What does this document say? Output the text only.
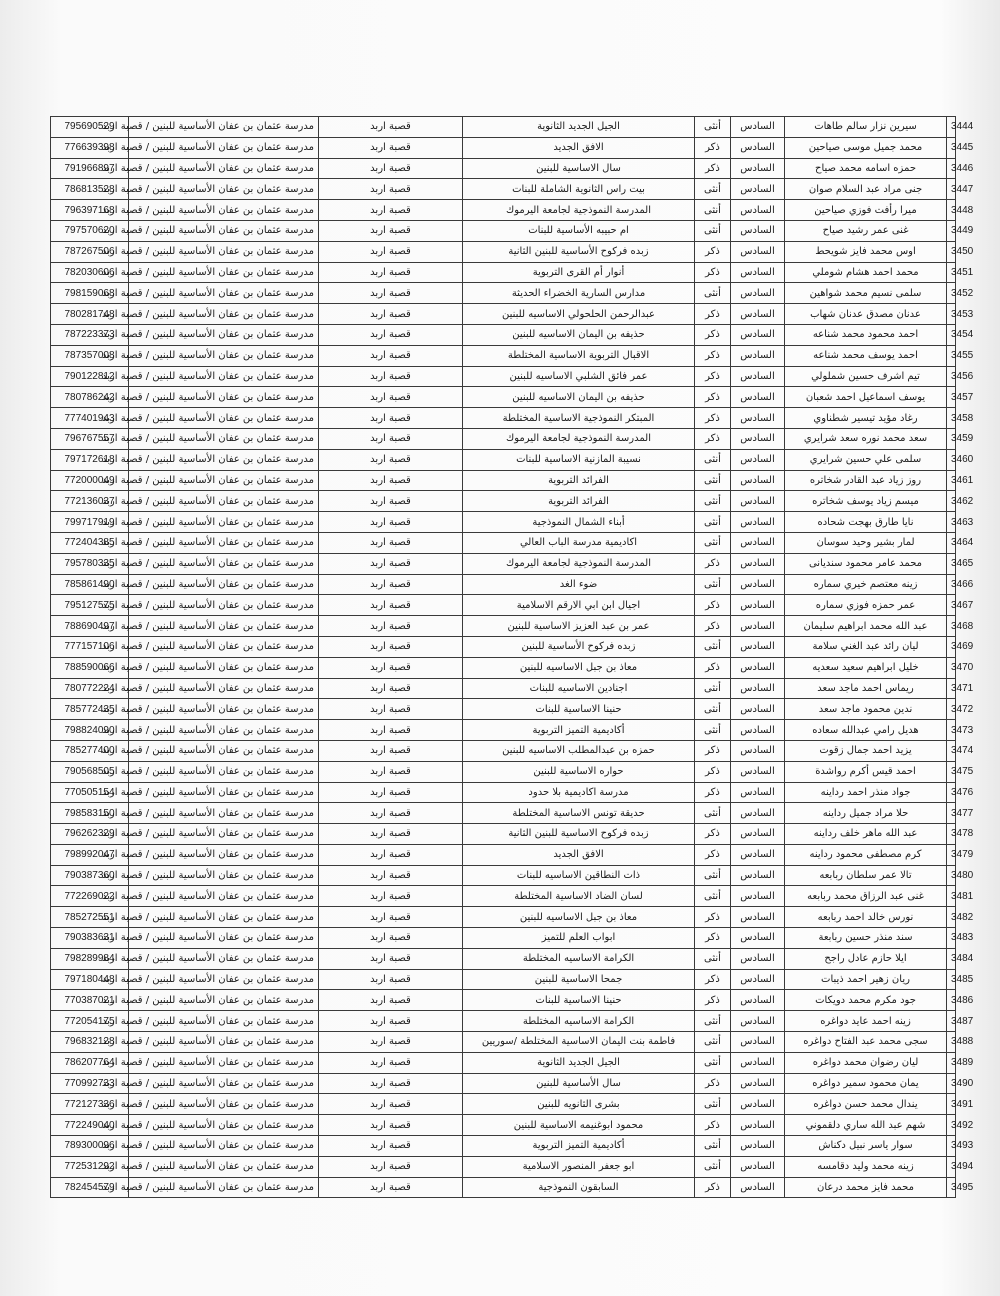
795690529	مدرسة عثمان بن عفان الأساسية للبنين / قصبة اربد	قصبة اربد	الجيل الجديد الثانوية	أنثى	السادس	سيرين نزار سالم طاهات	3444
776639398	مدرسة عثمان بن عفان الأساسية للبنين / قصبة اربد	قصبة اربد	الافق الجديد	ذكر	السادس	محمد جميل موسى صياحين	3445
791966897	مدرسة عثمان بن عفان الأساسية للبنين / قصبة اربد	قصبة اربد	سال الاساسية للبنين	ذكر	السادس	حمزه اسامه محمد صياح	3446
786813528	مدرسة عثمان بن عفان الأساسية للبنين / قصبة اربد	قصبة اربد	بيت راس الثانوية الشاملة للبنات	أنثى	السادس	جنى مراد عبد السلام صوان	3447
796397168	مدرسة عثمان بن عفان الأساسية للبنين / قصبة اربد	قصبة اربد	المدرسة النموذجية لجامعة اليرموك	أنثى	السادس	ميرا رأفت فوزي صياحين	3448
797570620	مدرسة عثمان بن عفان الأساسية للبنين / قصبة اربد	قصبة اربد	ام حبيبه الأساسية للبنات	أنثى	السادس	غنى عمر رشيد صياح	3449
787267506	مدرسة عثمان بن عفان الأساسية للبنين / قصبة اربد	قصبة اربد	زبده فركوح الأساسية للبنين الثانية	ذكر	السادس	اوس محمد فايز شويحط	3450
782030606	مدرسة عثمان بن عفان الأساسية للبنين / قصبة اربد	قصبة اربد	أنوار أم القرى التربوية	ذكر	السادس	محمد احمد هشام شوملي	3451
798159068	مدرسة عثمان بن عفان الأساسية للبنين / قصبة اربد	قصبة اربد	مدارس السارية الخضراء الحديثة	أنثى	السادس	سلمى نسيم محمد شواهين	3452
780281748	مدرسة عثمان بن عفان الأساسية للبنين / قصبة اربد	قصبة اربد	عبدالرحمن الحلحولي الاساسيه للبنين	ذكر	السادس	عدنان مصدق عدنان شهاب	3453
787223373	مدرسة عثمان بن عفان الأساسية للبنين / قصبة اربد	قصبة اربد	حذيفه بن اليمان الاساسيه للبنين	ذكر	السادس	احمد محمود محمد شناعه	3454
787357008	مدرسة عثمان بن عفان الأساسية للبنين / قصبة اربد	قصبة اربد	الاقبال التربوية الاساسية المختلطة	ذكر	السادس	احمد يوسف محمد شناعه	3455
790122812	مدرسة عثمان بن عفان الأساسية للبنين / قصبة اربد	قصبة اربد	عمر فائق الشلبي الاساسيه للبنين	ذكر	السادس	تيم اشرف حسين شملولي	3456
780786242	مدرسة عثمان بن عفان الأساسية للبنين / قصبة اربد	قصبة اربد	حذيفه بن اليمان الاساسيه للبنين	ذكر	السادس	يوسف اسماعيل احمد شعبان	3457
777401943	مدرسة عثمان بن عفان الأساسية للبنين / قصبة اربد	قصبة اربد	المبتكر النموذجية الاساسية المختلطة	ذكر	السادس	رغاد مؤيد تيسير شطناوي	3458
796767557	مدرسة عثمان بن عفان الأساسية للبنين / قصبة اربد	قصبة اربد	المدرسة النموذجية لجامعة اليرموك	ذكر	السادس	سعد محمد نوره سعد شرايري	3459
797172618	مدرسة عثمان بن عفان الأساسية للبنين / قصبة اربد	قصبة اربد	نسيبة المازنية الاساسية للبنات	أنثى	السادس	سلمى علي حسين شرايري	3460
772000049	مدرسة عثمان بن عفان الأساسية للبنين / قصبة اربد	قصبة اربد	الفرائد التربوية	أنثى	السادس	روز زياد عبد القادر شخاتره	3461
772136037	مدرسة عثمان بن عفان الأساسية للبنين / قصبة اربد	قصبة اربد	الفرائد التربوية	أنثى	السادس	ميسم زياد يوسف شخاتره	3462
799717919	مدرسة عثمان بن عفان الأساسية للبنين / قصبة اربد	قصبة اربد	أبناء الشمال النموذجية	أنثى	السادس	نايا طارق بهجت شحاده	3463
772404385	مدرسة عثمان بن عفان الأساسية للبنين / قصبة اربد	قصبة اربد	اكاديمية مدرسة الباب العالي	أنثى	السادس	لمار بشير وحيد سوسان	3464
795780335	مدرسة عثمان بن عفان الأساسية للبنين / قصبة اربد	قصبة اربد	المدرسة النموذجية لجامعة اليرموك	ذكر	السادس	محمد عامر محمود سنديانى	3465
785861490	مدرسة عثمان بن عفان الأساسية للبنين / قصبة اربد	قصبة اربد	ضوء الغد	أنثى	السادس	زينه معتصم خيري سماره	3466
795127575	مدرسة عثمان بن عفان الأساسية للبنين / قصبة اربد	قصبة اربد	اجيال ابن ابي الارقم الاسلامية	ذكر	السادس	عمر حمزه فوزي سماره	3467
788690497	مدرسة عثمان بن عفان الأساسية للبنين / قصبة اربد	قصبة اربد	عمر بن عبد العزيز الاساسية للبنين	ذكر	السادس	عبد الله محمد ابراهيم سليمان	3468
777157106	مدرسة عثمان بن عفان الأساسية للبنين / قصبة اربد	قصبة اربد	زبده فركوح الأساسية للبنين	أنثى	السادس	ليان رائد عبد الغني سلامة	3469
788590066	مدرسة عثمان بن عفان الأساسية للبنين / قصبة اربد	قصبة اربد	معاذ بن جبل الاساسيه للبنين	ذكر	السادس	خليل ابراهيم سعيد سعديه	3470
780772224	مدرسة عثمان بن عفان الأساسية للبنين / قصبة اربد	قصبة اربد	اجنادين الاساسيه للبنات	أنثى	السادس	ريماس احمد ماجد سعد	3471
785772435	مدرسة عثمان بن عفان الأساسية للبنين / قصبة اربد	قصبة اربد	حنينا الاساسية للبنات	أنثى	السادس	ندين محمود ماجد سعد	3472
798824090	مدرسة عثمان بن عفان الأساسية للبنين / قصبة اربد	قصبة اربد	أكاديمية التميز التربوية	أنثى	السادس	هديل رامي عبدالله سعاده	3473
785277400	مدرسة عثمان بن عفان الأساسية للبنين / قصبة اربد	قصبة اربد	حمزه بن عبدالمطلب الاساسيه للبنين	ذكر	السادس	يزيد احمد جمال زقوت	3474
790568505	مدرسة عثمان بن عفان الأساسية للبنين / قصبة اربد	قصبة اربد	حواره الاساسية للبنين	ذكر	السادس	احمد قيس أكرم رواشدة	3475
770505154	مدرسة عثمان بن عفان الأساسية للبنين / قصبة اربد	قصبة اربد	مدرسة اكاديمية بلا حدود	ذكر	السادس	جواد منذر احمد رداينه	3476
798583150	مدرسة عثمان بن عفان الأساسية للبنين / قصبة اربد	قصبة اربد	حديقة تونس الاساسية المختلطة	أنثى	السادس	حلا مراد جميل رداينه	3477
796262329	مدرسة عثمان بن عفان الأساسية للبنين / قصبة اربد	قصبة اربد	زبده فركوح الاساسية للبنين الثانية	ذكر	السادس	عبد الله ماهر خلف رداينه	3478
798992047	مدرسة عثمان بن عفان الأساسية للبنين / قصبة اربد	قصبة اربد	الافق الجديد	ذكر	السادس	كرم مصطفى محمود رداينه	3479
790387360	مدرسة عثمان بن عفان الأساسية للبنين / قصبة اربد	قصبة اربد	ذات النطاقين الاساسيه للبنات	أنثى	السادس	تالا عمر سلطان ربابعه	3480
772269022	مدرسة عثمان بن عفان الأساسية للبنين / قصبة اربد	قصبة اربد	لسان الضاد الاساسية المختلطة	أنثى	السادس	غنى عبد الرزاق محمد ربابعه	3481
785272551	مدرسة عثمان بن عفان الأساسية للبنين / قصبة اربد	قصبة اربد	معاذ بن جبل الاساسيه للبنين	ذكر	السادس	نورس خالد احمد ربابعه	3482
790383631	مدرسة عثمان بن عفان الأساسية للبنين / قصبة اربد	قصبة اربد	ابواب العلم للتميز	ذكر	السادس	سند منذر حسين ربابعة	3483
798289984	مدرسة عثمان بن عفان الأساسية للبنين / قصبة اربد	قصبة اربد	الكرامة الاساسيه المختلطة	أنثى	السادس	ايلا حازم عادل راجح	3484
797180448	مدرسة عثمان بن عفان الأساسية للبنين / قصبة اربد	قصبة اربد	جمحا الاساسية للبنين	ذكر	السادس	ريان زهير احمد ذيبات	3485
770387021	مدرسة عثمان بن عفان الأساسية للبنين / قصبة اربد	قصبة اربد	حنينا الاساسية للبنات	ذكر	السادس	جود مكرم محمد دويكات	3486
772054175	مدرسة عثمان بن عفان الأساسية للبنين / قصبة اربد	قصبة اربد	الكرامة الاساسيه المختلطة	أنثى	السادس	زينه احمد عايد دواغره	3487
796832128	مدرسة عثمان بن عفان الأساسية للبنين / قصبة اربد	قصبة اربد	فاطمة بنت اليمان الاساسية المختلطة /سوريين	أنثى	السادس	سجى محمد عبد الفتاح دواغره	3488
786207764	مدرسة عثمان بن عفان الأساسية للبنين / قصبة اربد	قصبة اربد	الجيل الجديد الثانوية	أنثى	السادس	ليان رضوان محمد دواغره	3489
770992733	مدرسة عثمان بن عفان الأساسية للبنين / قصبة اربد	قصبة اربد	سال الأساسية للبنين	ذكر	السادس	يمان محمود سمير دواغره	3490
772127336	مدرسة عثمان بن عفان الأساسية للبنين / قصبة اربد	قصبة اربد	بشرى الثانويه للبنين	أنثى	السادس	يندال محمد حسن دواغره	3491
772249040	مدرسة عثمان بن عفان الأساسية للبنين / قصبة اربد	قصبة اربد	محمود ابوغنيمه الاساسية للبنين	ذكر	السادس	شهم عبد الله ساري دلقموني	3492
789300096	مدرسة عثمان بن عفان الأساسية للبنين / قصبة اربد	قصبة اربد	أكاديمية التميز التربوية	أنثى	السادس	سوار ياسر نبيل دكناش	3493
772531292	مدرسة عثمان بن عفان الأساسية للبنين / قصبة اربد	قصبة اربد	ابو جعفر المنصور الاسلامية	أنثى	السادس	زينه محمد وليد دقامسه	3494
782454579	مدرسة عثمان بن عفان الأساسية للبنين / قصبة اربد	قصبة اربد	السابقون النموذجية	ذكر	السادس	محمد فايز محمد درعان	3495
